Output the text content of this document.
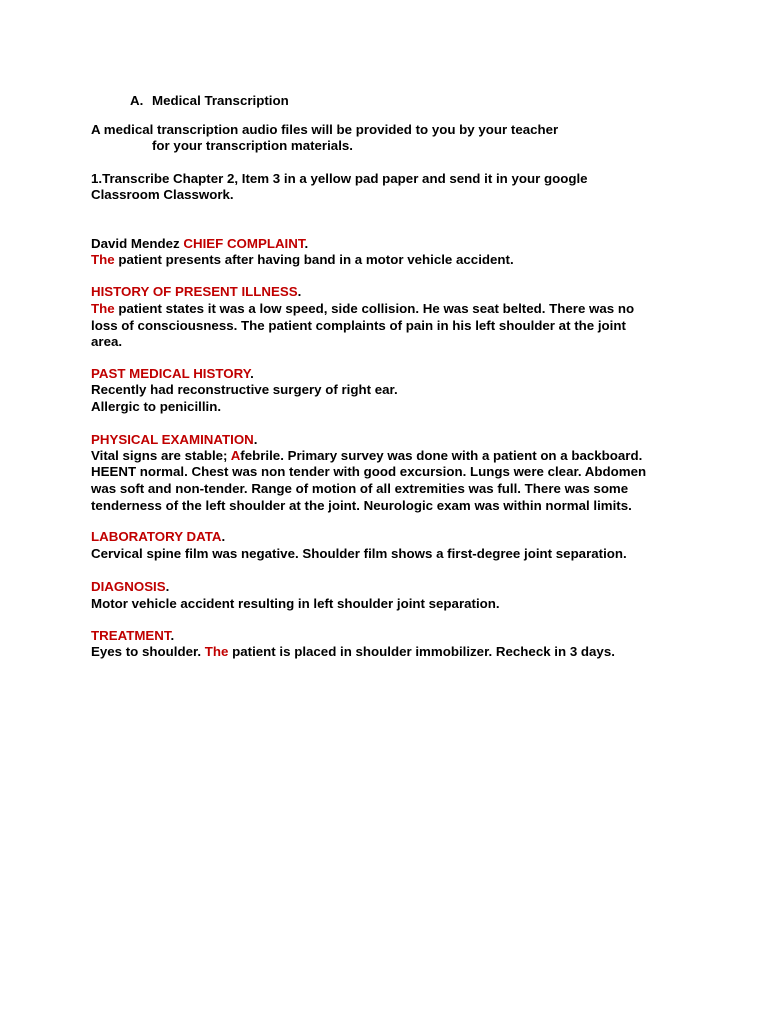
A. Medical Transcription
A medical transcription audio files will be provided to you by your teacher
for your transcription materials.
1.Transcribe Chapter 2, Item 3 in a yellow pad paper and send it in your google
Classroom Classwork.
David Mendez CHIEF COMPLAINT.
The patient presents after having band in a motor vehicle accident.
HISTORY OF PRESENT ILLNESS.
The patient states it was a low speed, side collision. He was seat belted. There was no
loss of consciousness. The patient complaints of pain in his left shoulder at the joint
area.
PAST MEDICAL HISTORY.
Recently had reconstructive surgery of right ear.
Allergic to penicillin.
PHYSICAL EXAMINATION.
Vital signs are stable; Afebrile. Primary survey was done with a patient on a backboard.
HEENT normal. Chest was non tender with good excursion. Lungs were clear. Abdomen
was soft and non-tender. Range of motion of all extremities was full. There was some
tenderness of the left shoulder at the joint. Neurologic exam was within normal limits.
LABORATORY DATA.
Cervical spine film was negative. Shoulder film shows a first-degree joint separation.
DIAGNOSIS.
Motor vehicle accident resulting in left shoulder joint separation.
TREATMENT.
Eyes to shoulder. The patient is placed in shoulder immobilizer. Recheck in 3 days.
